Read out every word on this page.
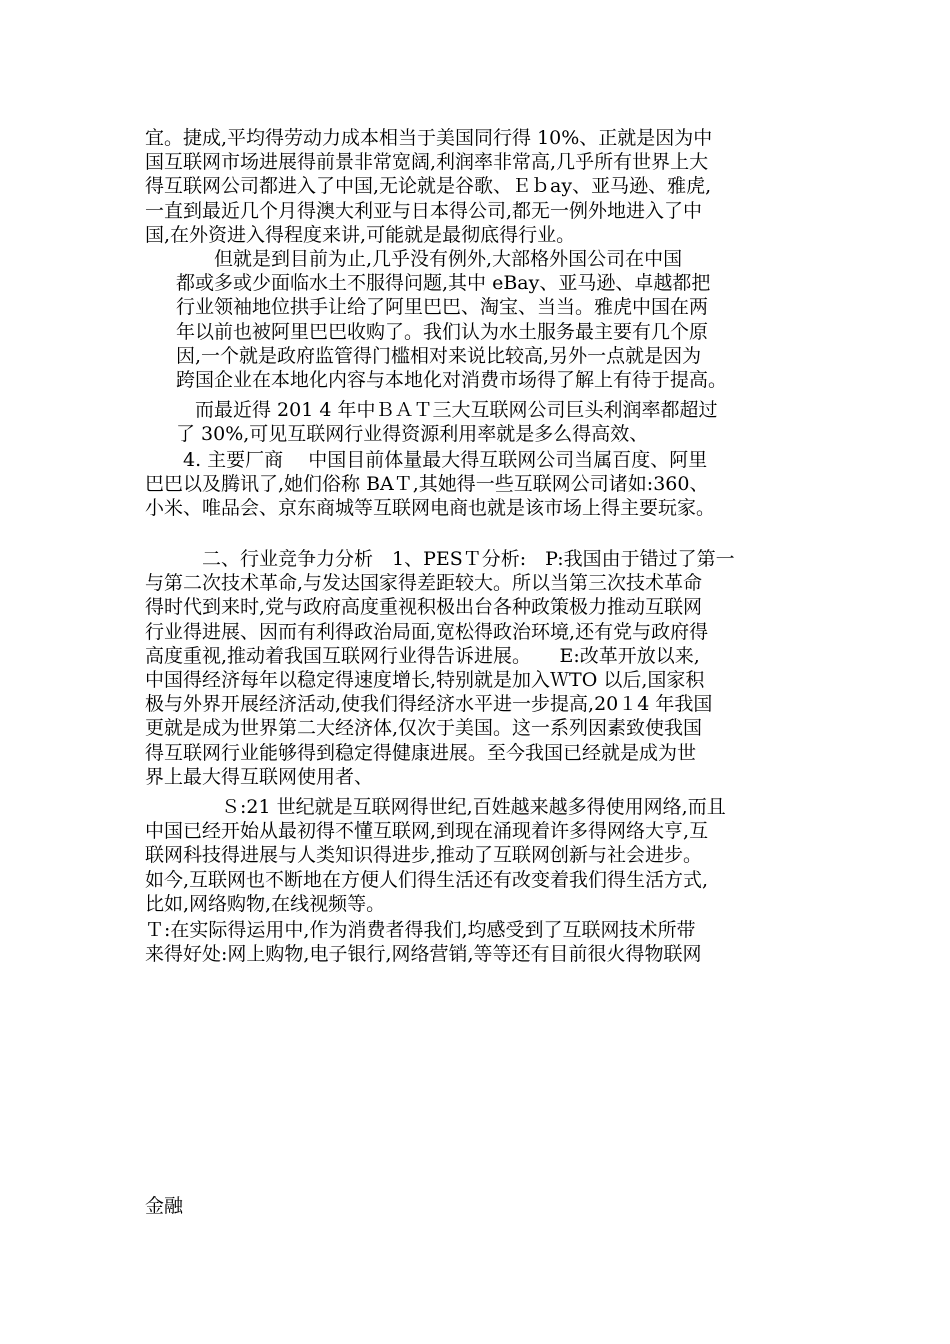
宜。捷成,平均得劳动力成本相当于美国同行得 10%、正就是因为中
国互联网市场进展得前景非常宽阔,利润率非常高,几乎所有世界上大
得互联网公司都进入了中国,无论就是谷歌、Ｅｂay、亚马逊、雅虎,
一直到最近几个月得澳大利亚与日本得公司,都无一例外地进入了中
国,在外资进入得程度来讲,可能就是最彻底得行业。
　　但就是到目前为止,几乎没有例外,大部格外国公司在中国
都或多或少面临水土不服得问题,其中 eBay、亚马逊、卓越都把
行业领袖地位拱手让给了阿里巴巴、淘宝、当当。雅虎中国在两
年以前也被阿里巴巴收购了。我们认为水土服务最主要有几个原
因,一个就是政府监管得门槛相对来说比较高,另外一点就是因为
跨国企业在本地化内容与本地化对消费市场得了解上有待于提高。
　而最近得 201 4 年中ＢＡＴ三大互联网公司巨头利润率都超过
了 30%,可见互联网行业得资源利用率就是多么得高效、
　　4. 主要厂商　 中国目前体量最大得互联网公司当属百度、阿里
巴巴以及腾讯了,她们俗称 BAＴ,其她得一些互联网公司诸如:360、
小米、唯品会、京东商城等互联网电商也就是该市场上得主要玩家。
　　　二、行业竞争力分析　1、PESＴ分析:　P:我国由于错过了第一
与第二次技术革命,与发达国家得差距较大。所以当第三次技术革命
得时代到来时,党与政府高度重视积极出台各种政策极力推动互联网
行业得进展、因而有利得政治局面,宽松得政治环境,还有党与政府得
高度重视,推动着我国互联网行业得告诉进展。　　E:改革开放以来,
中国得经济每年以稳定得速度增长,特别就是加入ＷTO 以后,国家积
极与外界开展经济活动,使我们得经济水平进一步提高,20１4 年我国
更就是成为世界第二大经济体,仅次于美国。这一系列因素致使我国
得互联网行业能够得到稳定得健康进展。至今我国已经就是成为世
界上最大得互联网使用者、
　　　　Ｓ:21 世纪就是互联网得世纪,百姓越来越多得使用网络,而且
中国已经开始从最初得不懂互联网,到现在涌现着许多得网络大亨,互
联网科技得进展与人类知识得进步,推动了互联网创新与社会进步。
如今,互联网也不断地在方便人们得生活还有改变着我们得生活方式,
比如,网络购物,在线视频等。
Ｔ:在实际得运用中,作为消费者得我们,均感受到了互联网技术所带
来得好处:网上购物,电子银行,网络营销,等等还有目前很火得物联网
金融
